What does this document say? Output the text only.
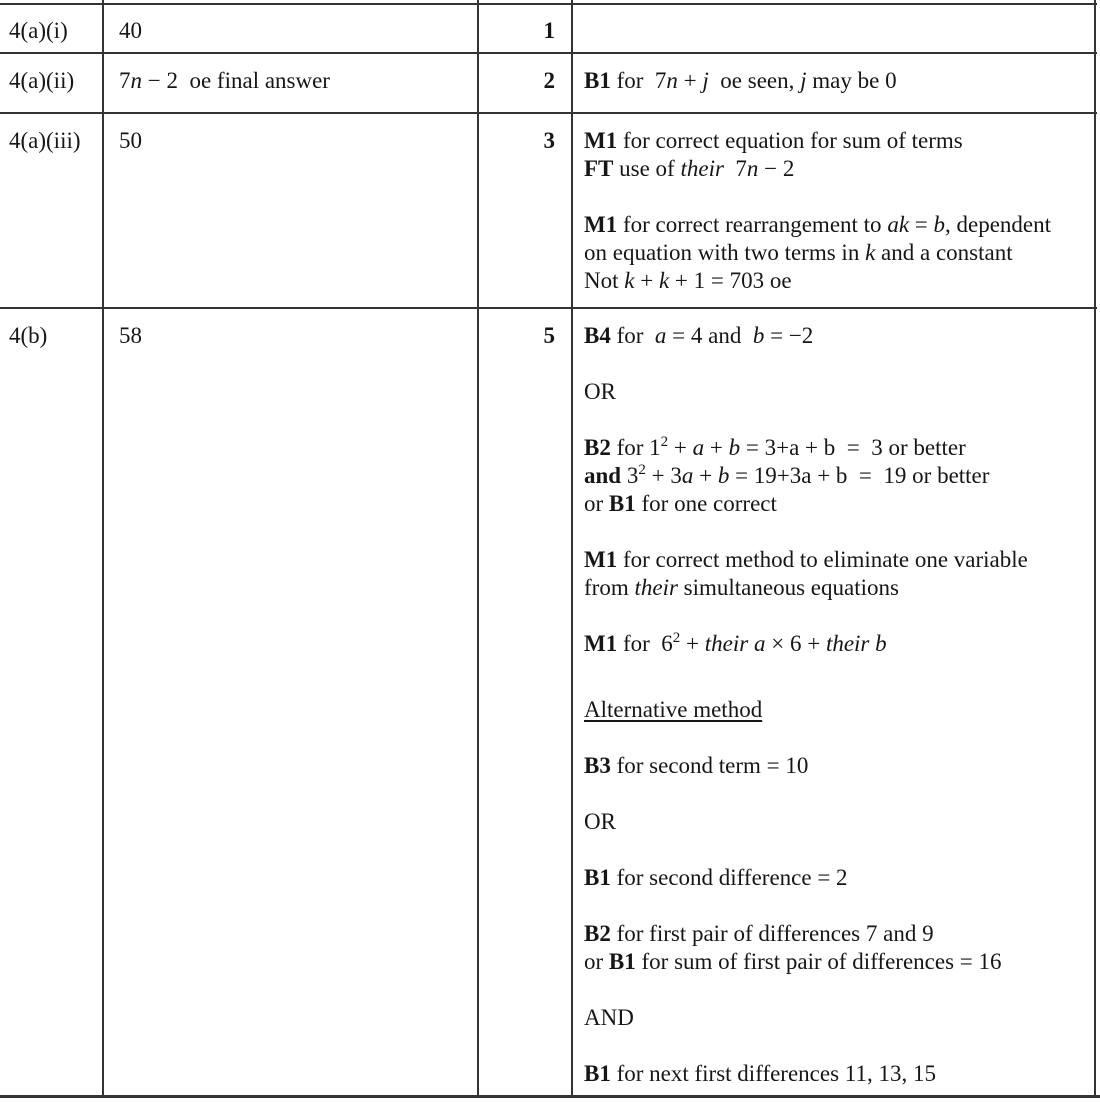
4(a)(i)	40	1
4(a)(ii)	7n − 2  oe final answer	2 B1 for  7n + j  oe seen, j may be 0
4(a)(iii)	50	3 M1 for correct equation for sum of terms
FT use of their  7n − 2
M1 for correct rearrangement to ak = b, dependent
on equation with two terms in k and a constant
Not k + k + 1 = 703 oe
4(b)	58	5 B4 for  a = 4 and  b = −2
OR
B2 for $1^2 + a + b = 3+a + b = 3$ or better
and $3^2 + 3a + b = 19+3a + b = 19$ or better
or B1 for one correct
M1 for correct method to eliminate one variable
from their simultaneous equations
M1 for  $6^2$ + their a × 6 + their b
Alternative method
B3 for second term = 10
OR
B1 for second difference = 2
B2 for first pair of differences 7 and 9
or B1 for sum of first pair of differences = 16
AND
B1 for next first differences 11, 13, 15
